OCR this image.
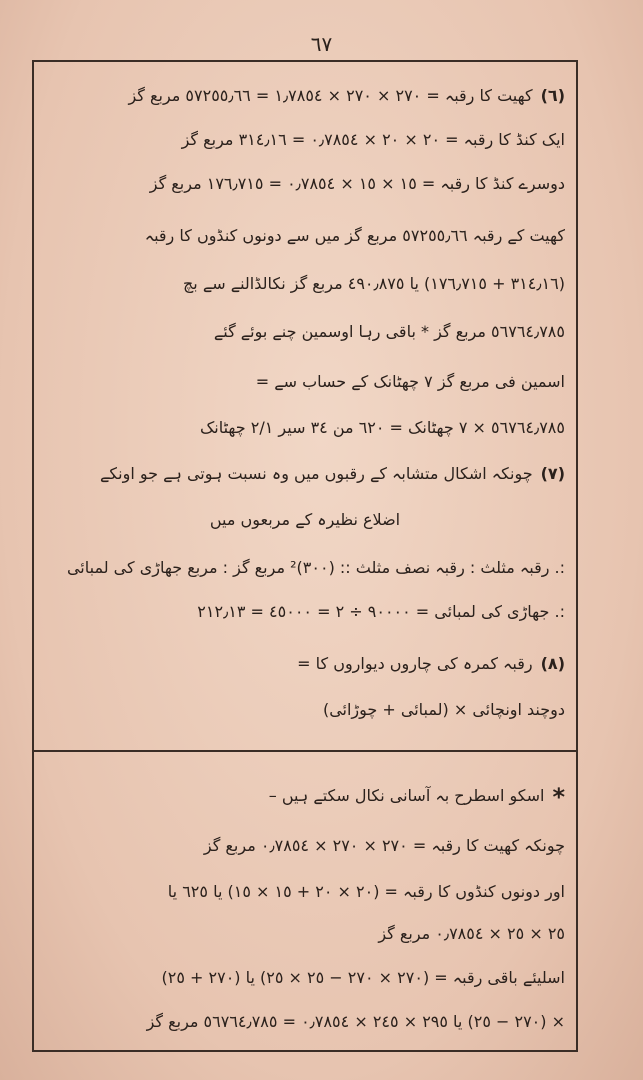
٦٧
(٦)کھیت کا رقبہ = ٢٧٠ × ٢٧٠ × ١٫٧٨٥٤ = ٥٧٢٥٥٫٦٦ مربع گز
ایک کنڈ کا رقبہ = ٢٠ × ٢٠ × ٠٫٧٨٥٤ = ٣١٤٫١٦ مربع گز
دوسرے کنڈ کا رقبہ = ١٥ × ١٥ × ٠٫٧٨٥٤ = ١٧٦٫٧١٥ مربع گز
کھیت کے رقبہ ٥٧٢٥٥٫٦٦ مربع گز میں سے دونوں کنڈوں کا رقبہ
(٣١٤٫١٦ + ١٧٦٫٧١٥) یا ٤٩٠٫٨٧٥ مربع گز نکالڈالنے سے بچ
٥٦٧٦٤٫٧٨٥ مربع گز * باقی رہا اوسمین چنے بوئے گئے
اسمین فی مربع گز ٧ چھٹانک کے حساب سے =
٥٦٧٦٤٫٧٨٥ × ٧ چھٹانک = ٦٢٠ من ٣٤ سیر ٢/١ چھٹانک
(٧)چونکہ اشکال متشابہ کے رقبوں میں وہ نسبت ہوتی ہے جو اونکے
اضلاع نظیرہ کے مربعوں میں
:. رقبہ مثلث : رقبہ نصف مثلث :: (٣٠٠)² مربع گز : مربع جھاڑی کی لمبائی
:. جھاڑی کی لمبائی = ٩٠٠٠٠ ÷ ٢ = ٤٥٠٠٠ = ٢١٢٫١٣
(٨)رقبہ کمرہ کی چاروں دیواروں کا =
دوچند اونچائی × (لمبائی + چوڑائی)
*اسکو اسطرح بہ آسانی نکال سکتے ہیں –
چونکہ کھیت کا رقبہ = ٢٧٠ × ٢٧٠ × ٠٫٧٨٥٤ مربع گز
اور دونوں کنڈوں کا رقبہ = (٢٠ × ٢٠ + ١٥ × ١٥) یا ٦٢٥ یا
٢٥ × ٢٥ × ٠٫٧٨٥٤ مربع گز
اسلیئے باقی رقبہ = (٢٧٠ × ٢٧٠ − ٢٥ × ٢٥) یا (٢٧٠ + ٢٥)
× (٢٧٠ − ٢٥) یا ٢٩٥ × ٢٤٥ × ٠٫٧٨٥٤ = ٥٦٧٦٤٫٧٨٥ مربع گز
